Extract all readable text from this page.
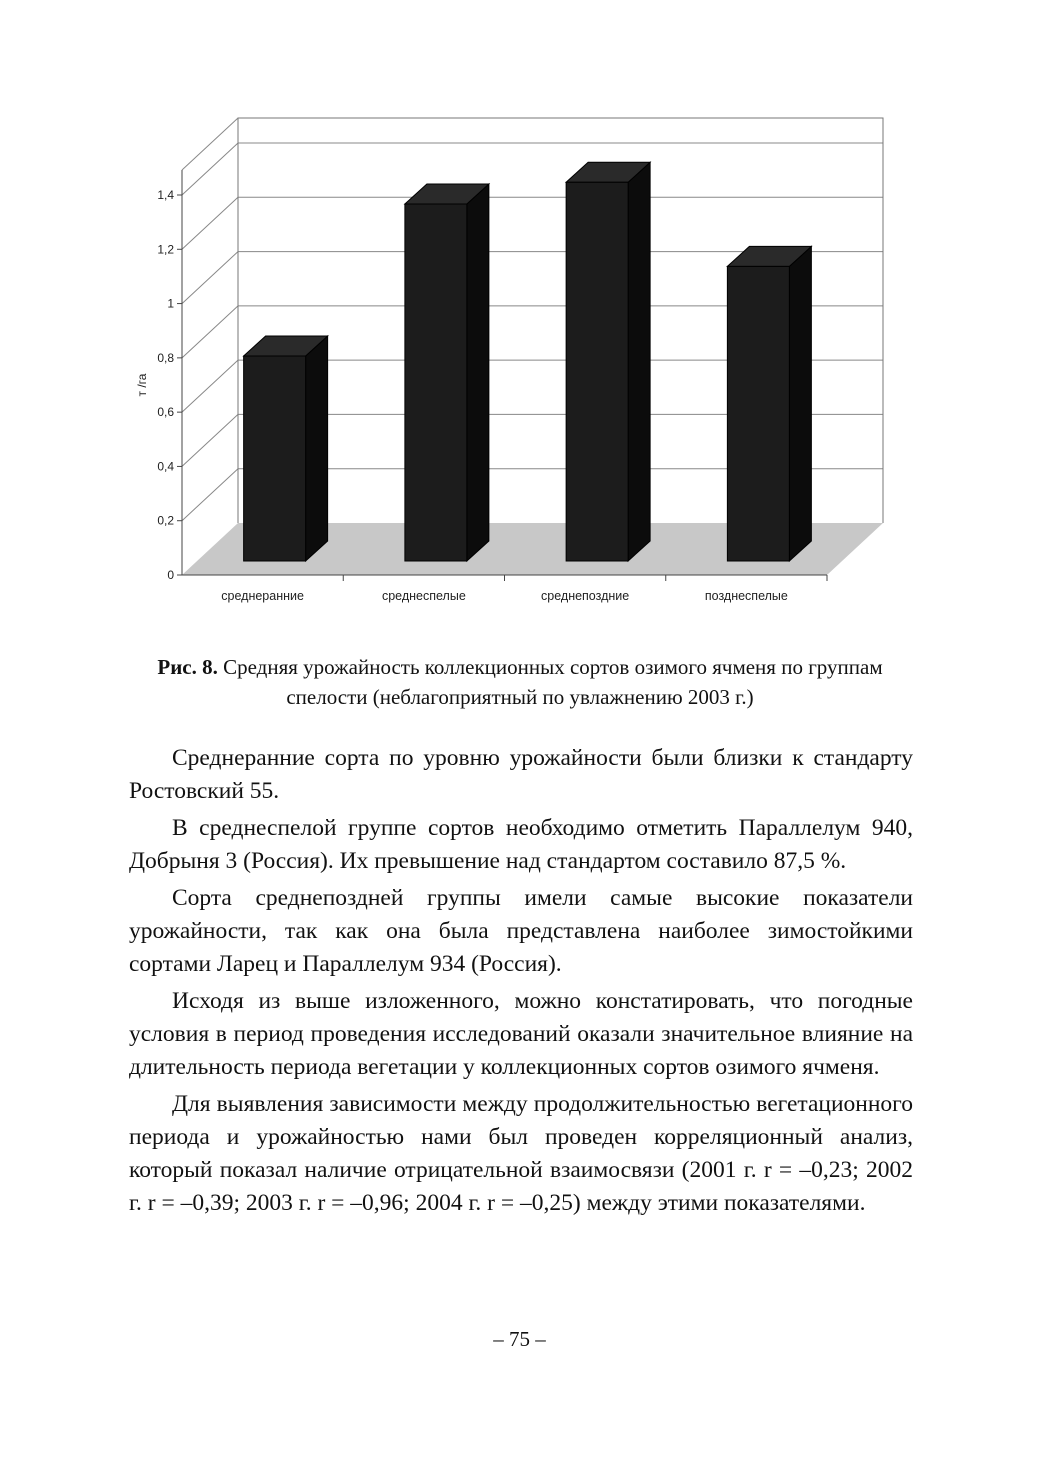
0
0,2
0,4
0,6
0,8
1
1,2
1,4
среднеранние	среднеспелые	среднепоздние	позднеспелые
т /га
Рис. 8. Средняя урожайность коллекционных сортов озимого ячменя по группам спелости (неблагоприятный по увлажнению 2003 г.)

Среднеранние сорта по уровню урожайности были близки к стандарту Ростовский 55.

В среднеспелой группе сортов необходимо отметить Параллелум 940, Добрыня 3 (Россия). Их превышение над стандартом составило 87,5 %.

Сорта среднепоздней группы имели самые высокие показатели урожайности, так как она была представлена наиболее зимостойкими сортами Ларец и Параллелум 934 (Россия).

Исходя из выше изложенного, можно констатировать, что погодные условия в период проведения исследований оказали значительное влияние на длительность периода вегетации у коллекционных сортов озимого ячменя.

Для выявления зависимости между продолжительностью вегетационного периода и урожайностью нами был проведен корреляционный анализ, который показал наличие отрицательной взаимосвязи (2001 г. r = –0,23; 2002 г. r = –0,39; 2003 г. r = –0,96; 2004 г. r = –0,25) между этими показателями.

– 75 –
